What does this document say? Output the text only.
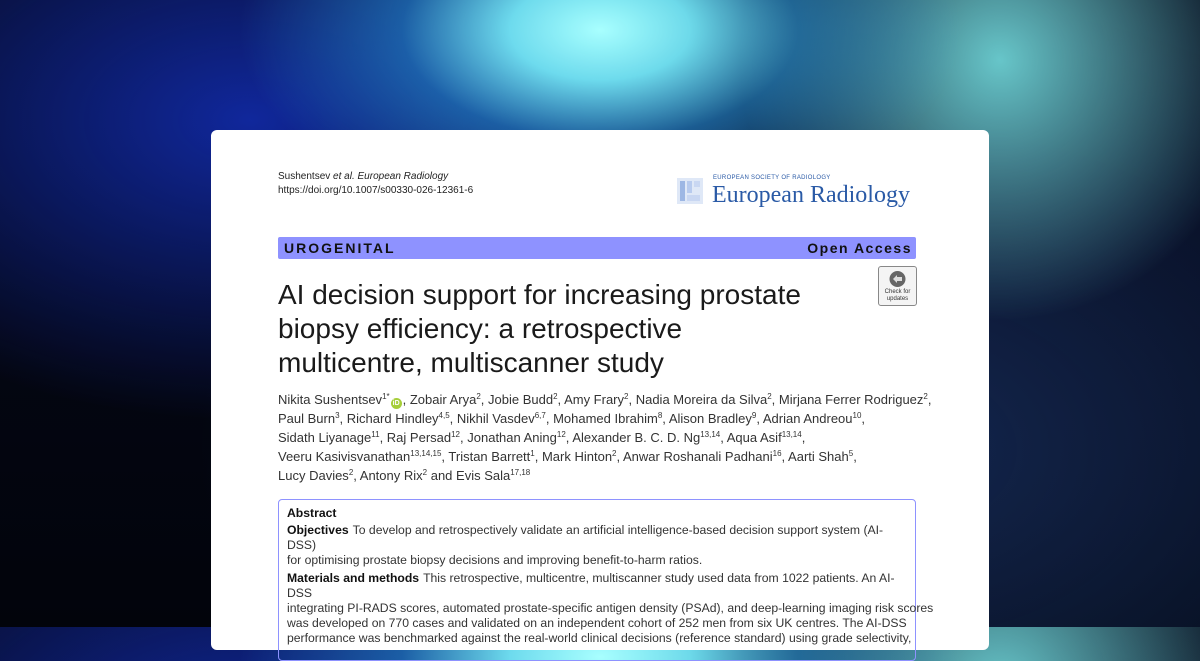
Sushentsev et al. European Radiology
https://doi.org/10.1007/s00330-026-12361-6
EUROPEAN SOCIETY OF RADIOLOGY
European Radiology
UROGENITAL	Open Access
Check for updates
AI decision support for increasing prostate
biopsy efficiency: a retrospective
multicentre, multiscanner study
Nikita Sushentsev$^{1*}$iD , Zobair Arya$^2$, Jobie Budd$^2$, Amy Frary$^2$, Nadia Moreira da Silva$^2$, Mirjana Ferrer Rodriguez$^2$,
Paul Burn$^3$, Richard Hindley$^{4,5}$, Nikhil Vasdev$^{6,7}$, Mohamed Ibrahim$^8$, Alison Bradley$^9$, Adrian Andreou$^{10}$,
Sidath Liyanage$^{11}$, Raj Persad$^{12}$, Jonathan Aning$^{12}$, Alexander B. C. D. Ng$^{13,14}$, Aqua Asif$^{13,14}$,
Veeru Kasivisvanathan$^{13,14,15}$, Tristan Barrett$^1$, Mark Hinton$^2$, Anwar Roshanali Padhani$^{16}$, Aarti Shah$^5$,
Lucy Davies$^2$, Antony Rix$^2$ and Evis Sala$^{17,18}$
Abstract
Objectives To develop and retrospectively validate an artificial intelligence-based decision support system (AI-DSS)
for optimising prostate biopsy decisions and improving benefit-to-harm ratios.
Materials and methods This retrospective, multicentre, multiscanner study used data from 1022 patients. An AI-DSS
integrating PI-RADS scores, automated prostate-specific antigen density (PSAd), and deep-learning imaging risk scores
was developed on 770 cases and validated on an independent cohort of 252 men from six UK centres. The AI-DSS
performance was benchmarked against the real-world clinical decisions (reference standard) using grade selectivity,
